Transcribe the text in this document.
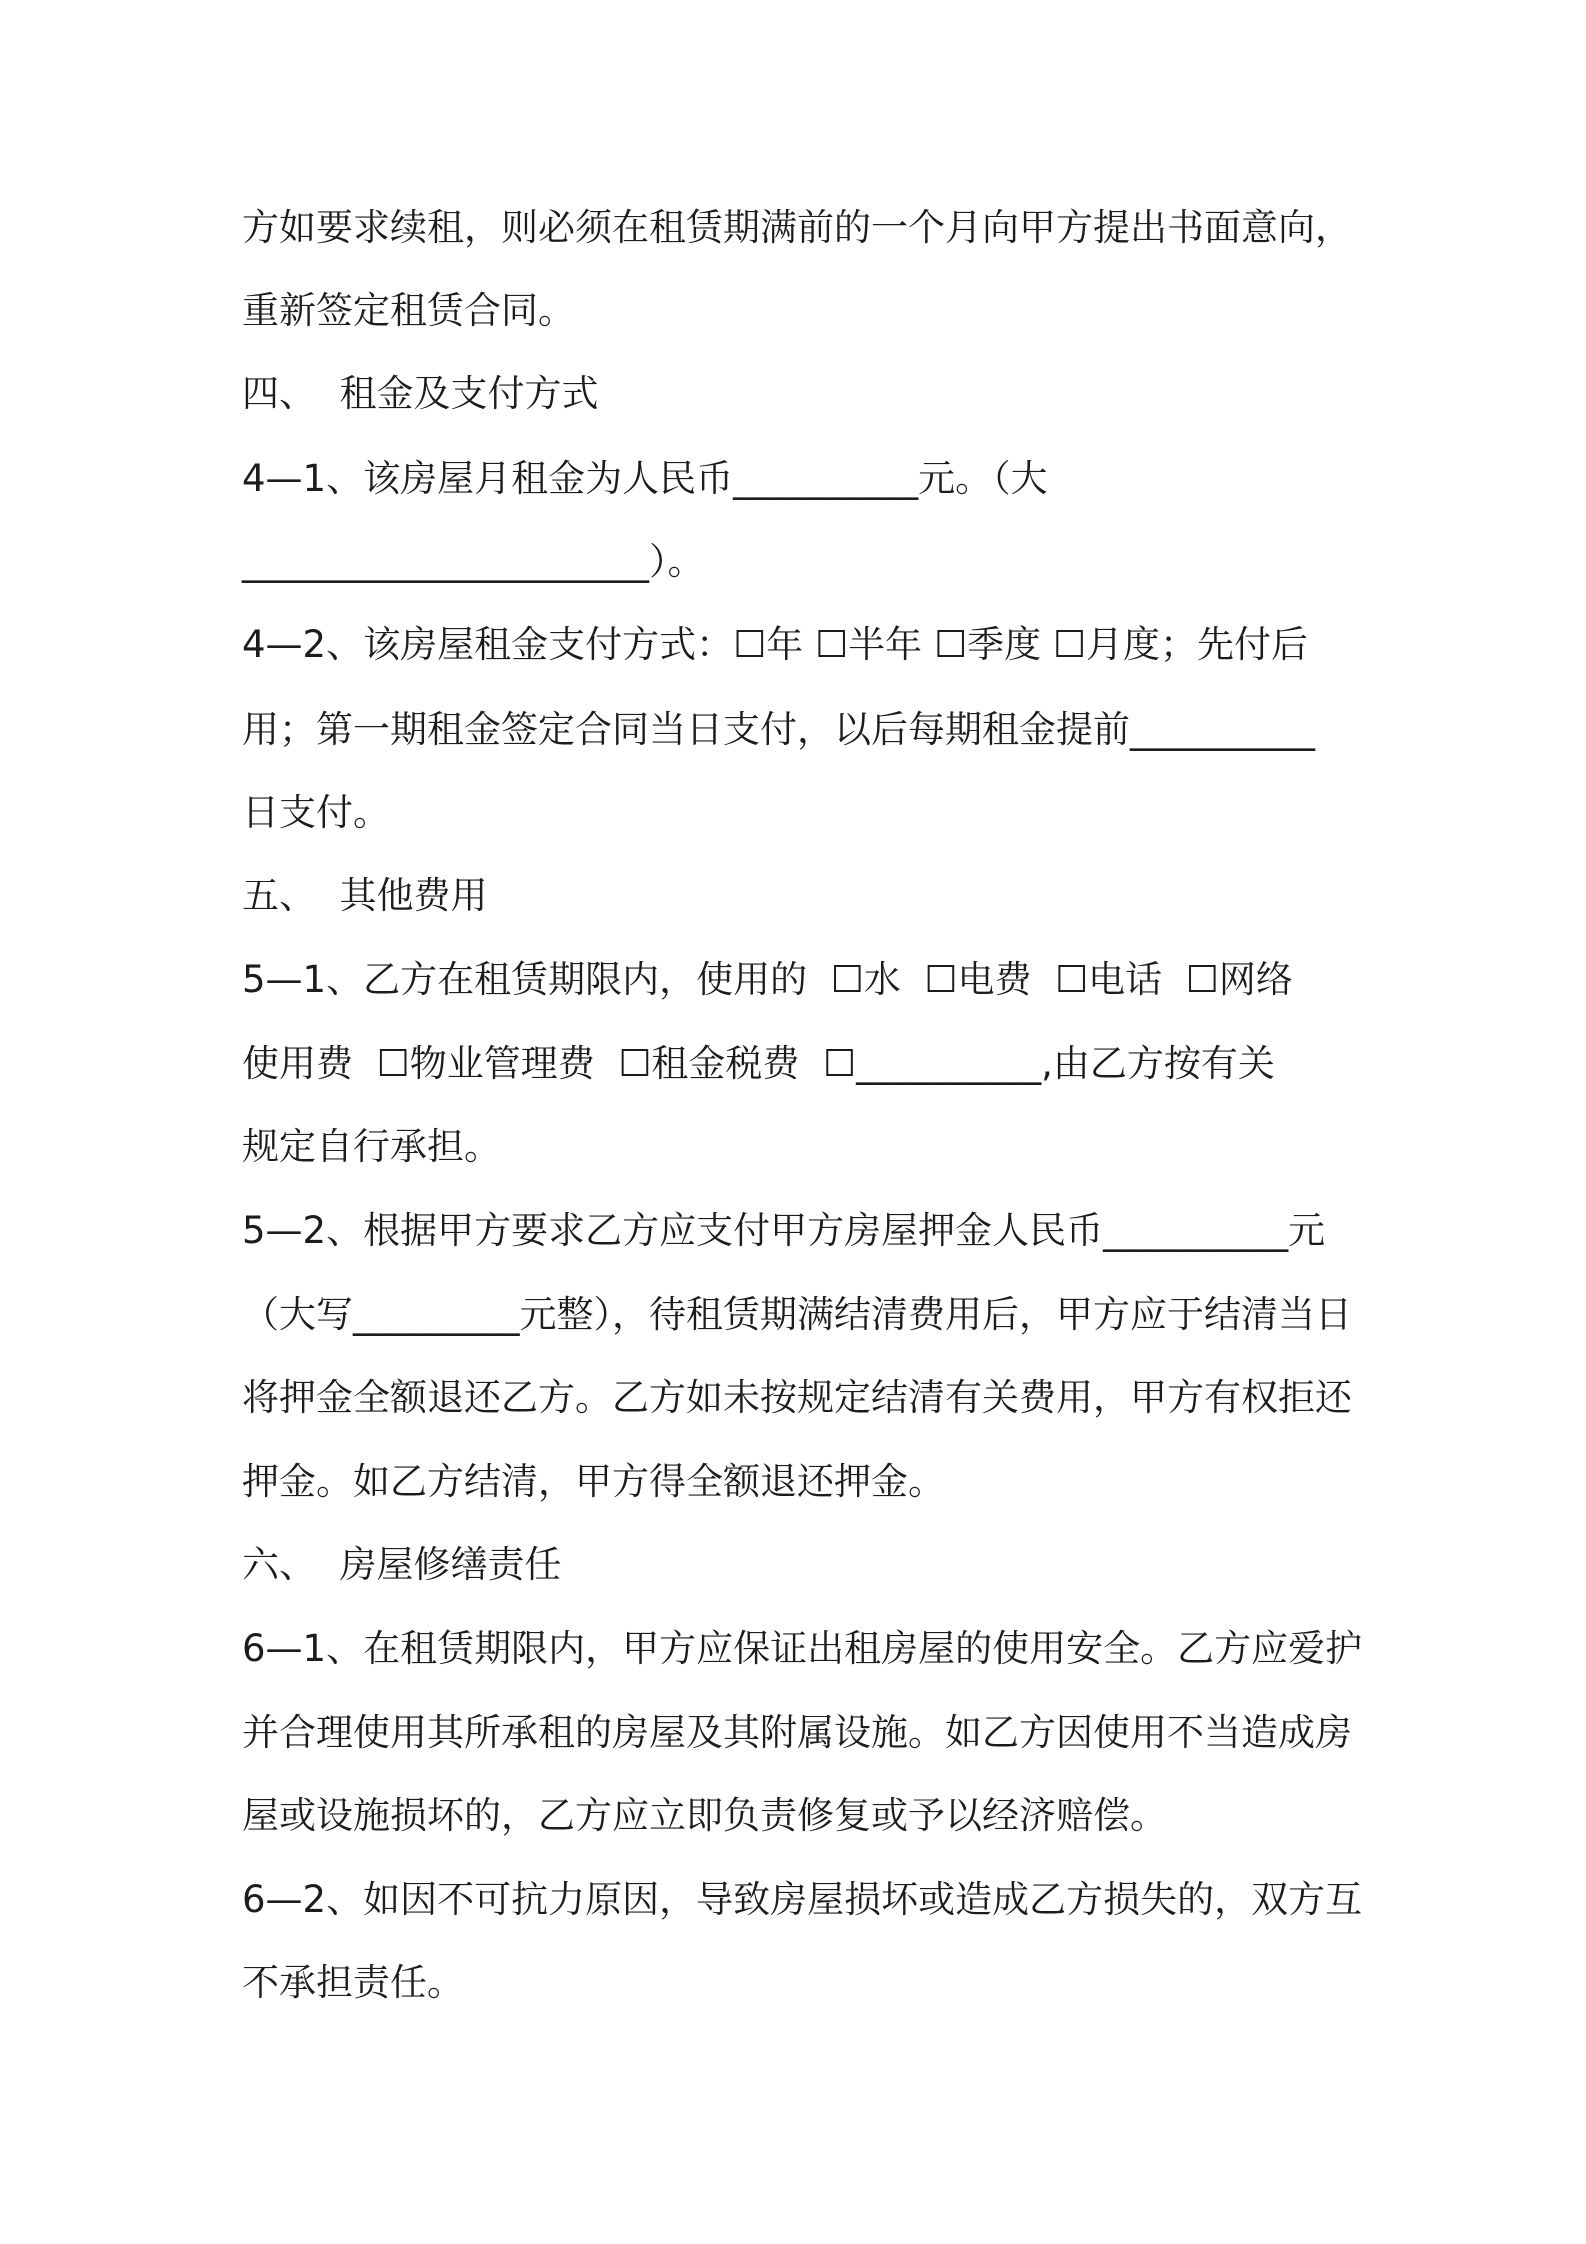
方如要求续租，则必须在租赁期满前的一个月向甲方提出书面意向，
重新签定租赁合同。
四、  租金及支付方式
4—1、该房屋月租金为人民币__________元。（大
______________________）。
4—2、该房屋租金支付方式：☐年 ☐半年 ☐季度 ☐月度；先付后
用；第一期租金签定合同当日支付，以后每期租金提前__________
日支付。
五、  其他费用
5—1、乙方在租赁期限内，使用的  ☐水  ☐电费  ☐电话  ☐网络
使用费  ☐物业管理费  ☐租金税费  ☐__________,由乙方按有关
规定自行承担。
5—2、根据甲方要求乙方应支付甲方房屋押金人民币__________元
（大写_________元整），待租赁期满结清费用后，甲方应于结清当日
将押金全额退还乙方。乙方如未按规定结清有关费用，甲方有权拒还
押金。如乙方结清，甲方得全额退还押金。
六、  房屋修缮责任
6—1、在租赁期限内，甲方应保证出租房屋的使用安全。乙方应爱护
并合理使用其所承租的房屋及其附属设施。如乙方因使用不当造成房
屋或设施损坏的，乙方应立即负责修复或予以经济赔偿。
6—2、如因不可抗力原因，导致房屋损坏或造成乙方损失的，双方互
不承担责任。
